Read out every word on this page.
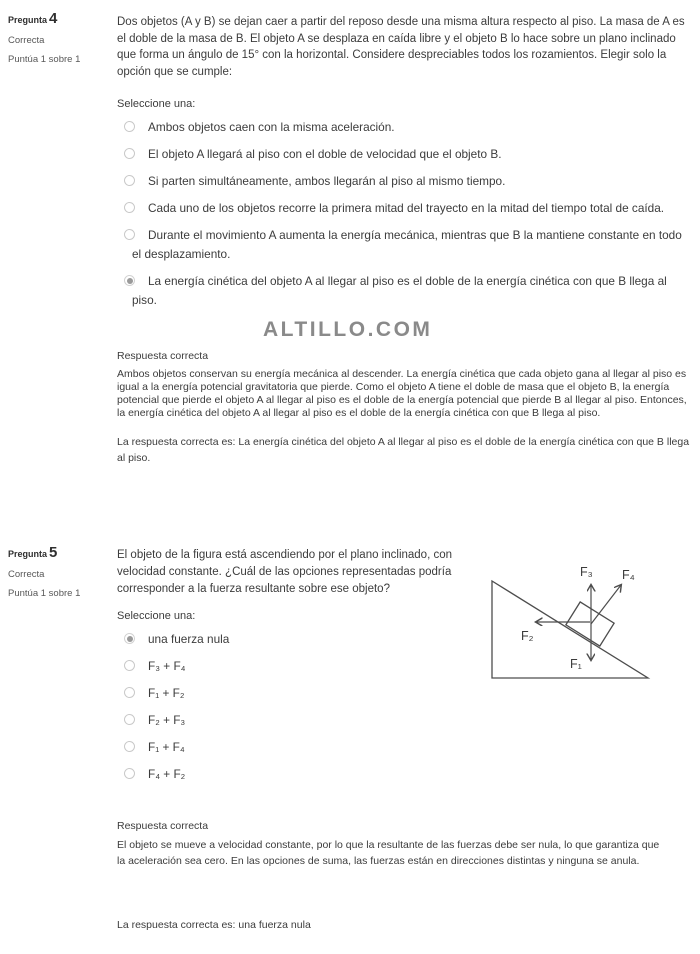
Pregunta 4
Correcta
Puntúa 1 sobre 1
Dos objetos (A y B) se dejan caer a partir del reposo desde una misma altura respecto al piso. La masa de A es el doble de la masa de B. El objeto A se desplaza en caída libre y el objeto B lo hace sobre un plano inclinado que forma un ángulo de 15° con la horizontal. Considere despreciables todos los rozamientos. Elegir solo la opción que se cumple:
Seleccione una:
Ambos objetos caen con la misma aceleración.
El objeto A llegará al piso con el doble de velocidad que el objeto B.
Si parten simultáneamente, ambos llegarán al piso al mismo tiempo.
Cada uno de los objetos recorre la primera mitad del trayecto en la mitad del tiempo total de caída.
Durante el movimiento A aumenta la energía mecánica, mientras que B la mantiene constante en todo el desplazamiento.
La energía cinética del objeto A al llegar al piso es el doble de la energía cinética con que B llega al piso.
ALTILLO.COM
Respuesta correcta
Ambos objetos conservan su energía mecánica al descender. La energía cinética que cada objeto gana al llegar al piso es igual a la energía potencial gravitatoria que pierde. Como el objeto A tiene el doble de masa que el objeto B, la energía potencial que pierde el objeto A al llegar al piso es el doble de la energía potencial que pierde B al llegar al piso. Entonces, la energía cinética del objeto A al llegar al piso es el doble de la energía cinética con que B llega al piso.
La respuesta correcta es: La energía cinética del objeto A al llegar al piso es el doble de la energía cinética con que B llega al piso.
Pregunta 5
Correcta
Puntúa 1 sobre 1
El objeto de la figura está ascendiendo por el plano inclinado, con velocidad constante. ¿Cuál de las opciones representadas podría corresponder a la fuerza resultante sobre ese objeto?
Seleccione una:
una fuerza nula
F₃ + F₄
F₁ + F₂
F₂ + F₃
F₁ + F₄
F₄ + F₂
Respuesta correcta
El objeto se mueve a velocidad constante, por lo que la resultante de las fuerzas debe ser nula, lo que garantiza que la aceleración sea cero. En las opciones de suma, las fuerzas están en direcciones distintas y ninguna se anula.
La respuesta correcta es: una fuerza nula
F₃ F₄
F₂
F₁
